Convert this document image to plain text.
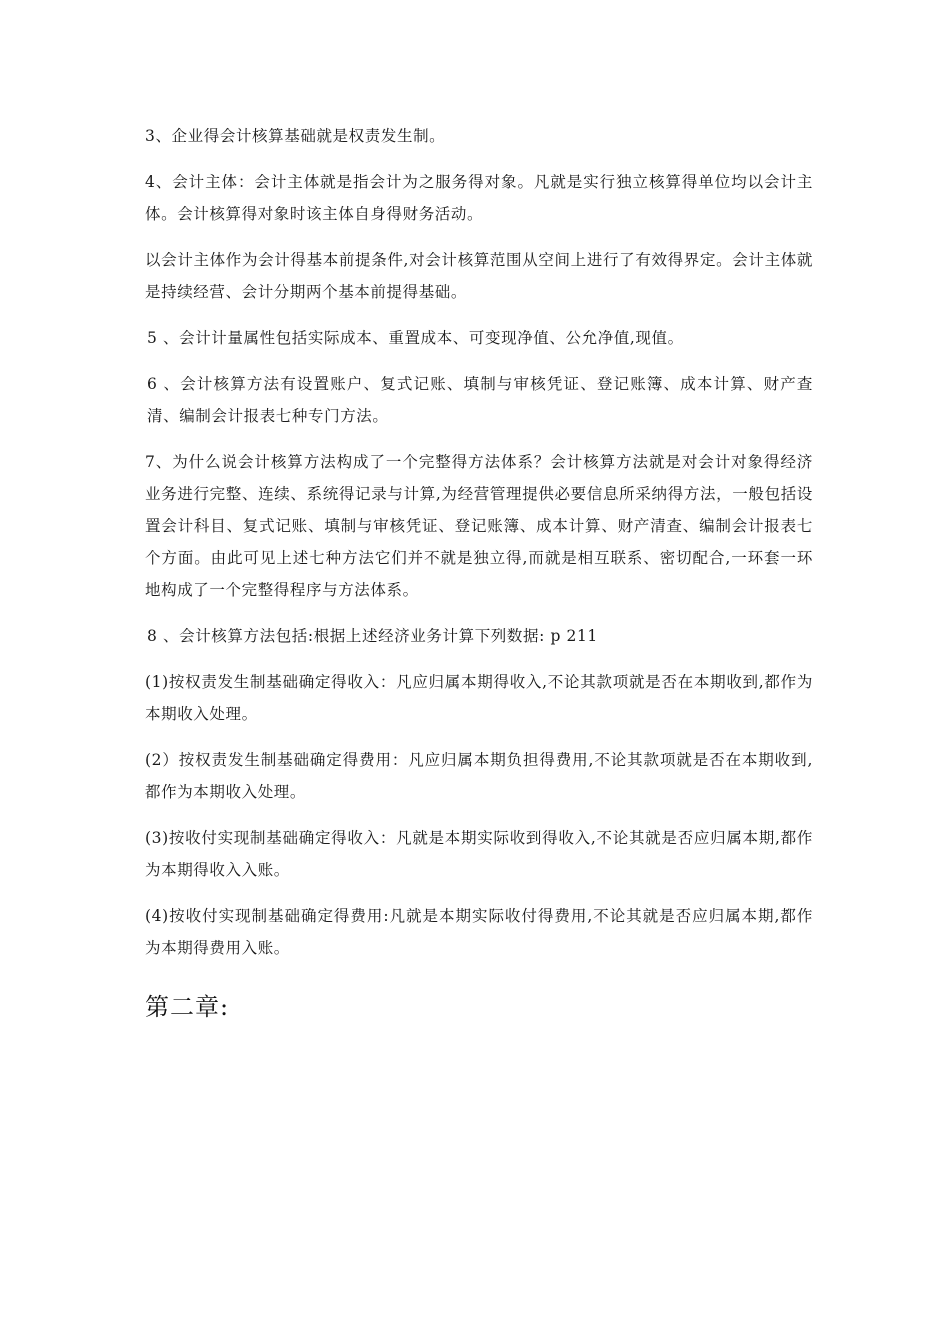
3、企业得会计核算基础就是权责发生制。

4、会计主体：会计主体就是指会计为之服务得对象。凡就是实行独立核算得单位均以会计主体。会计核算得对象时该主体自身得财务活动。

以会计主体作为会计得基本前提条件,对会计核算范围从空间上进行了有效得界定。会计主体就是持续经营、会计分期两个基本前提得基础。

5 、会计计量属性包括实际成本、重置成本、可变现净值、公允净值,现值。

6 、会计核算方法有设置账户、复式记账、填制与审核凭证、登记账簿、成本计算、财产查清、编制会计报表七种专门方法。

7、为什么说会计核算方法构成了一个完整得方法体系？会计核算方法就是对会计对象得经济业务进行完整、连续、系统得记录与计算,为经营管理提供必要信息所采纳得方法，一般包括设置会计科目、复式记账、填制与审核凭证、登记账簿、成本计算、财产清查、编制会计报表七个方面。由此可见上述七种方法它们并不就是独立得,而就是相互联系、密切配合,一环套一环地构成了一个完整得程序与方法体系。

8 、会计核算方法包括:根据上述经济业务计算下列数据: p 211

(1)按权责发生制基础确定得收入：凡应归属本期得收入,不论其款项就是否在本期收到,都作为本期收入处理。

(2）按权责发生制基础确定得费用：凡应归属本期负担得费用,不论其款项就是否在本期收到,都作为本期收入处理。

(3)按收付实现制基础确定得收入：凡就是本期实际收到得收入,不论其就是否应归属本期,都作为本期得收入入账。

(4)按收付实现制基础确定得费用:凡就是本期实际收付得费用,不论其就是否应归属本期,都作为本期得费用入账。

第二章:
